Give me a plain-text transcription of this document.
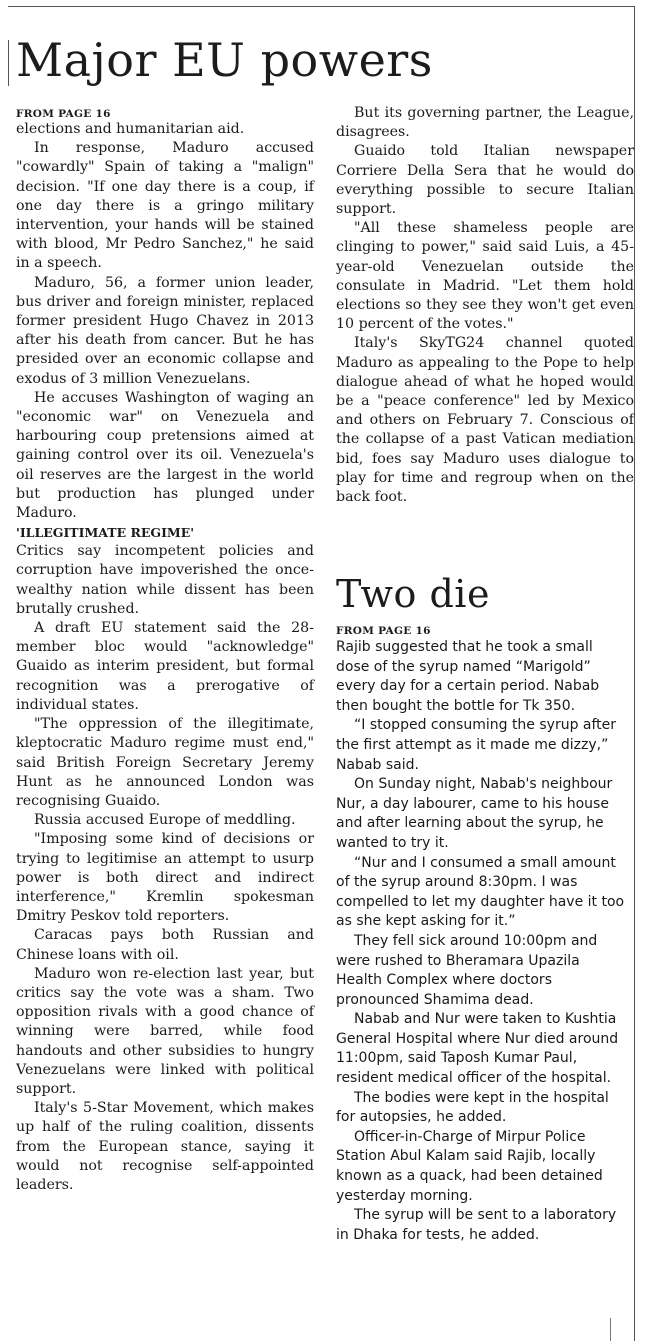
Major EU powers
FROM PAGE 16

elections and humanitarian aid.

In response, Maduro accused "cowardly" Spain of taking a "malign" decision. "If one day there is a coup, if one day there is a gringo military intervention, your hands will be stained with blood, Mr Pedro Sanchez," he said in a speech.

Maduro, 56, a former union leader, bus driver and foreign minister, replaced former president Hugo Chavez in 2013 after his death from cancer. But he has presided over an economic collapse and exodus of 3 million Venezuelans.

He accuses Washington of waging an "economic war" on Venezuela and harbouring coup pretensions aimed at gaining control over its oil. Venezuela's oil reserves are the largest in the world but production has plunged under Maduro.

'ILLEGITIMATE REGIME'

Critics say incompetent policies and corruption have impoverished the once-wealthy nation while dissent has been brutally crushed.

A draft EU statement said the 28-member bloc would "acknowledge" Guaido as interim president, but formal recognition was a prerogative of individual states.

"The oppression of the illegitimate, kleptocratic Maduro regime must end," said British Foreign Secretary Jeremy Hunt as he announced London was recognising Guaido.

Russia accused Europe of meddling.

"Imposing some kind of decisions or trying to legitimise an attempt to usurp power is both direct and indirect interference," Kremlin spokesman Dmitry Peskov told reporters.

Caracas pays both Russian and Chinese loans with oil.

Maduro won re-election last year, but critics say the vote was a sham. Two opposition rivals with a good chance of winning were barred, while food handouts and other subsidies to hungry Venezuelans were linked with political support.

Italy's 5-Star Movement, which makes up half of the ruling coalition, dissents from the European stance, saying it would not recognise self-appointed leaders.

But its governing partner, the League, disagrees.

Guaido told Italian newspaper Corriere Della Sera that he would do everything possible to secure Italian support.

"All these shameless people are clinging to power," said said Luis, a 45-year-old Venezuelan outside the consulate in Madrid. "Let them hold elections so they see they won't get even 10 percent of the votes."

Italy's SkyTG24 channel quoted Maduro as appealing to the Pope to help dialogue ahead of what he hoped would be a "peace conference" led by Mexico and others on February 7. Conscious of the collapse of a past Vatican mediation bid, foes say Maduro uses dialogue to play for time and regroup when on the back foot.

Two die
FROM PAGE 16

Rajib suggested that he took a small dose of the syrup named “Marigold” every day for a certain period. Nabab then bought the bottle for Tk 350.

“I stopped consuming the syrup after the first attempt as it made me dizzy,” Nabab said.

On Sunday night, Nabab's neighbour Nur, a day labourer, came to his house and after learning about the syrup, he wanted to try it.

“Nur and I consumed a small amount of the syrup around 8:30pm. I was compelled to let my daughter have it too as she kept asking for it.”

They fell sick around 10:00pm and were rushed to Bheramara Upazila Health Complex where doctors pronounced Shamima dead.

Nabab and Nur were taken to Kushtia General Hospital where Nur died around 11:00pm, said Taposh Kumar Paul, resident medical officer of the hospital.

The bodies were kept in the hospital for autopsies, he added.

Officer-in-Charge of Mirpur Police Station Abul Kalam said Rajib, locally known as a quack, had been detained yesterday morning.

The syrup will be sent to a laboratory in Dhaka for tests, he added.
